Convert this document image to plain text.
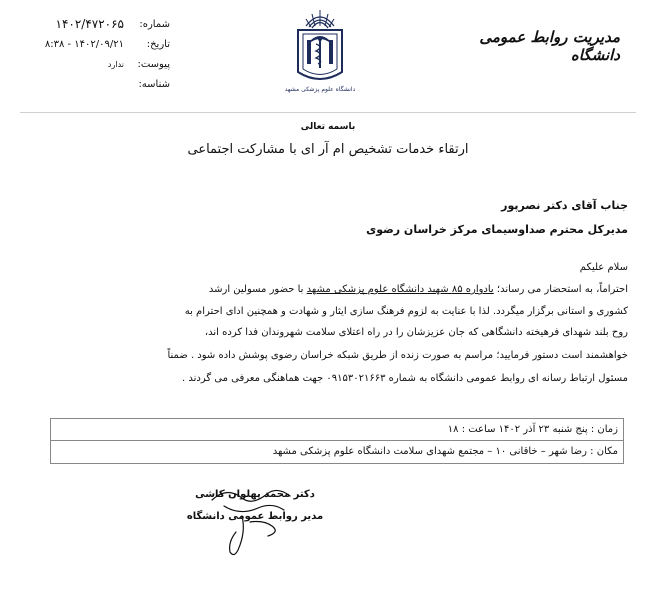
شماره:
۱۴۰۲/۴۷۲۰۶۵
تاریخ:
۱۴۰۲/۰۹/۲۱ - ۸:۳۸
پیوست:
ندارد
شناسه:	دانشگاه علوم پزشکی مشهد
مدیریت روابط عمومی دانشگاه
باسمه تعالی
ارتقاء خدمات تشخیص ام آر ای با مشارکت اجتماعی
جناب آقای دکتر نصرپور
مدیرکل محترم صداوسیمای مرکز خراسان رضوی
سلام علیکم
احتراماً، به استحضار می رساند؛ یادواره ۸۵ شهید دانشگاه علوم پزشکی مشهد با حضور مسولین ارشد
کشوری و استانی برگزار میگردد. لذا با عنایت به لزوم فرهنگ سازی ایثار و شهادت و همچنین ادای احترام به
روح بلند شهدای فرهیخته دانشگاهی که جان عزیزشان را در راه اعتلای سلامت شهروندان فدا کرده اند،
خواهشمند است دستور فرمایید؛ مراسم به صورت زنده از طریق شبکه خراسان رضوی پوشش داده شود . ضمناً
مسئول ارتباط رسانه ای روابط عمومی دانشگاه به شماره ۰۹۱۵۳۰۲۱۶۶۳ جهت هماهنگی معرفی می گردند .
زمان : پنج شنبه ۲۳ آذر ۱۴۰۲ ساعت : ۱۸
مکان : رضا شهر – خاقانی ۱۰ – مجتمع شهدای سلامت دانشگاه علوم پزشکی مشهد
دکتر محمد پهلوان کاشی
مدیر روابط عمومی دانشگاه
